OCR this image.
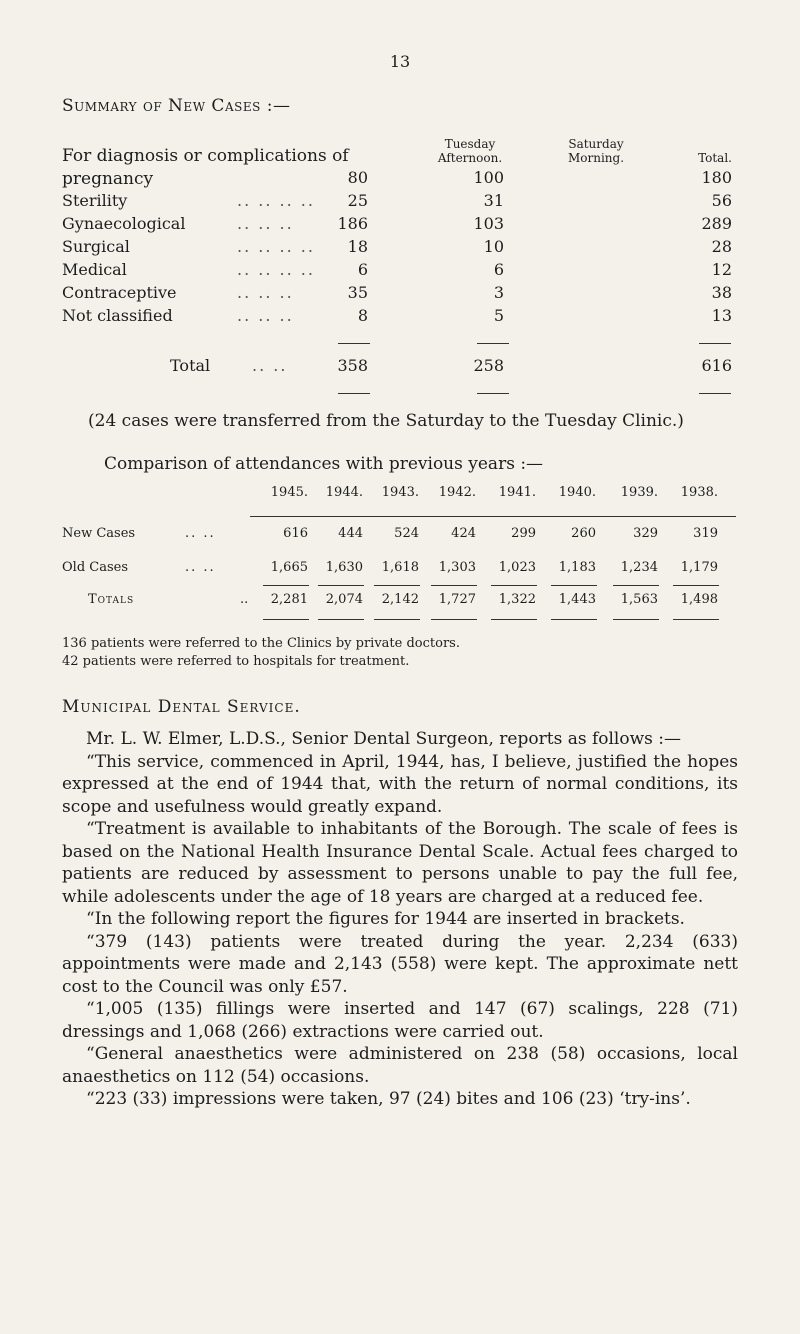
13
Summary of New Cases :—
Tuesday Afternoon.
Saturday Morning.	Total.
For diagnosis or complications of pregnancy	80	100	180
Sterility	.. .. .. .. 25	31	56
Gynaecological	.. .. ..	186	103	289
Surgical	.. .. .. .. 18	10	28
Medical	.. .. .. ..	6	6	12
Contraceptive	.. .. ..	35	3	38
Not classified	.. .. ..	8	5	13
Total	.. ..	358	258	616
(24 cases were transferred from the Saturday to the Tuesday Clinic.)
Comparison of attendances with previous years :—
1945.	1944.	1943.	1942.	1941.	1940.	1939.	1938.
New Cases	.. ..	616	444	524	424	299	260	329	319
Old Cases	.. ..	1,665	1,630	1,618	1,303	1,023	1,183	1,234	1,179
Totals	..	2,281	2,074	2,142	1,727	1,322	1,443	1,563	1,498
136 patients were referred to the Clinics by private doctors.
42 patients were referred to hospitals for treatment.
Municipal Dental Service.

Mr. L. W. Elmer, L.D.S., Senior Dental Surgeon, reports as follows :—

“This service, commenced in April, 1944, has, I believe, justified the hopes expressed at the end of 1944 that, with the return of normal conditions, its scope and usefulness would greatly expand.

“Treatment is available to inhabitants of the Borough. The scale of fees is based on the National Health Insurance Dental Scale. Actual fees charged to patients are reduced by assessment to persons unable to pay the full fee, while adolescents under the age of 18 years are charged at a reduced fee.

“In the following report the figures for 1944 are inserted in brackets.

“379 (143) patients were treated during the year. 2,234 (633) appointments were made and 2,143 (558) were kept. The approximate nett cost to the Council was only £57.

“1,005 (135) fillings were inserted and 147 (67) scalings, 228 (71) dressings and 1,068 (266) extractions were carried out.

“General anaesthetics were administered on 238 (58) occasions, local anaesthetics on 112 (54) occasions.

“223 (33) impressions were taken, 97 (24) bites and 106 (23) ‘try-ins’.
